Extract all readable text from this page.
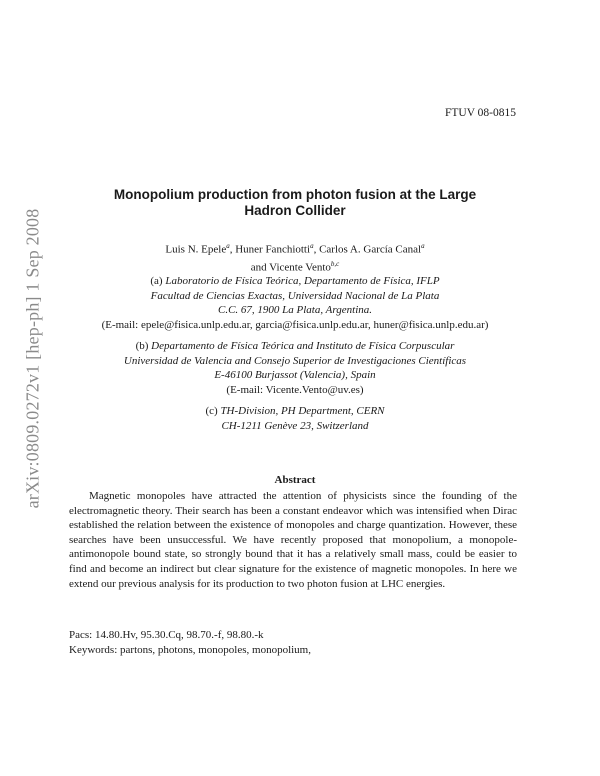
arXiv:0809.0272v1 [hep-ph] 1 Sep 2008
FTUV 08-0815
Monopolium production from photon fusion at the Large Hadron Collider
Luis N. Epele$^a$, Huner Fanchiotti$^a$, Carlos A. García Canal$^a$
and Vicente Vento$^{b,c}$
(a) Laboratorio de Física Teórica, Departamento de Física, IFLP
Facultad de Ciencias Exactas, Universidad Nacional de La Plata
C.C. 67, 1900 La Plata, Argentina.
(E-mail: epele@fisica.unlp.edu.ar, garcia@fisica.unlp.edu.ar, huner@fisica.unlp.edu.ar)
(b) Departamento de Física Teórica and Instituto de Física Corpuscular
Universidad de Valencia and Consejo Superior de Investigaciones Científicas
E-46100 Burjassot (Valencia), Spain
(E-mail: Vicente.Vento@uv.es)
(c) TH-Division, PH Department, CERN
CH-1211 Genève 23, Switzerland
Abstract
Magnetic monopoles have attracted the attention of physicists since the founding of the electromagnetic theory. Their search has been a constant endeavor which was intensified when Dirac established the relation between the existence of monopoles and charge quantization. However, these searches have been unsuccessful. We have recently proposed that monopolium, a monopole-antimonopole bound state, so strongly bound that it has a relatively small mass, could be easier to find and become an indirect but clear signature for the existence of magnetic monopoles. In here we extend our previous analysis for its production to two photon fusion at LHC energies.
Pacs: 14.80.Hv, 95.30.Cq, 98.70.-f, 98.80.-k
Keywords: partons, photons, monopoles, monopolium,
